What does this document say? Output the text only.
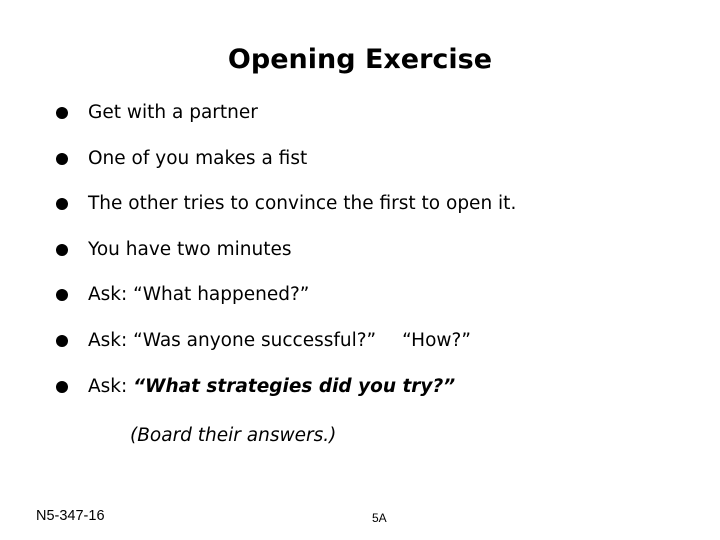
Opening Exercise
Get with a partner
One of you makes a fist
The other tries to convince the first to open it.
You have two minutes
Ask: “What happened?”
Ask: “Was anyone successful?” “How?”
Ask: “What strategies did you try?”
(Board their answers.)
N5-347-16	5A
